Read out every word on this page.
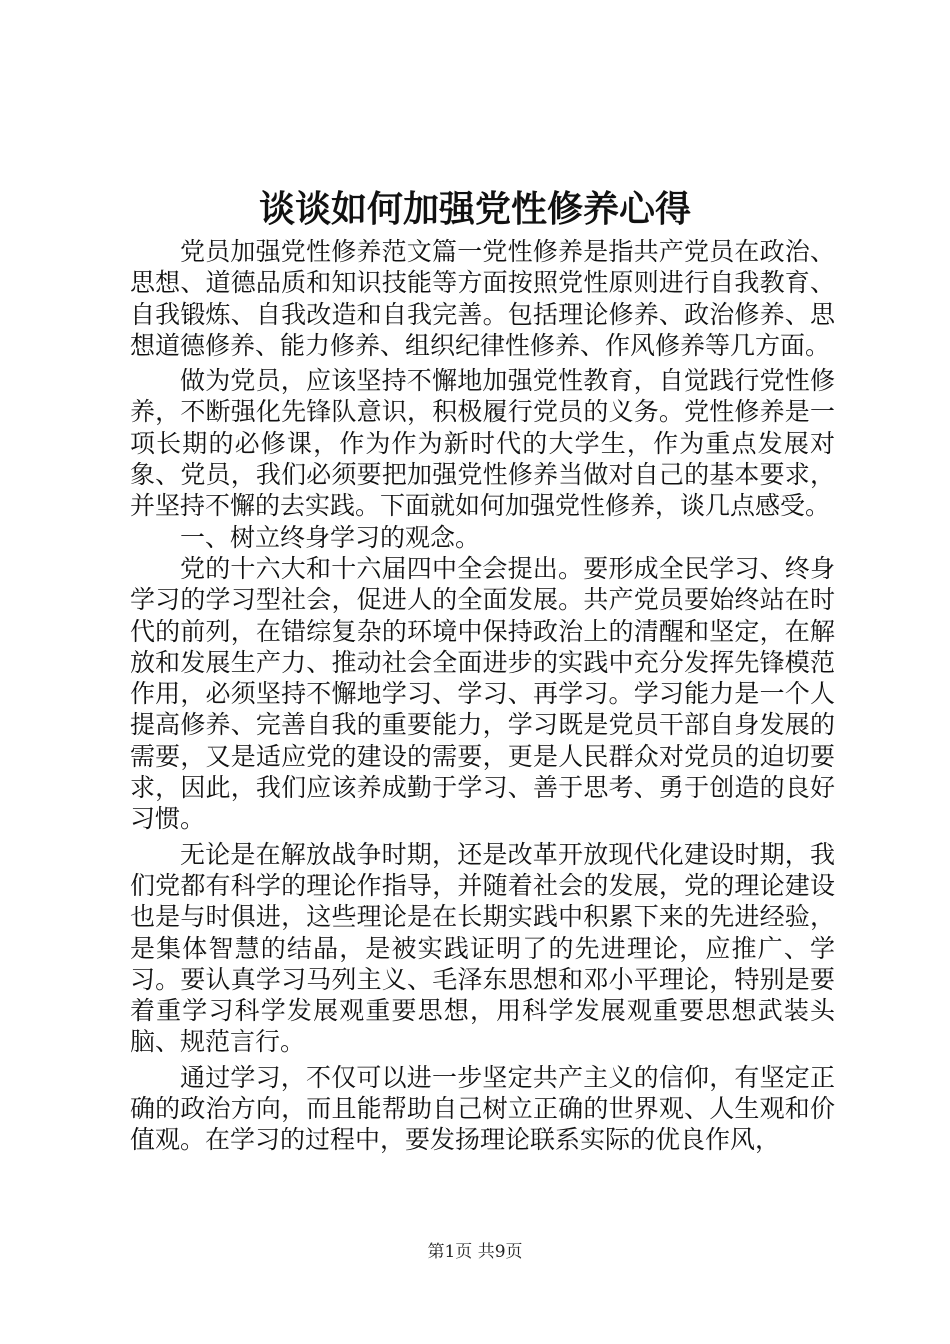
谈谈如何加强党性修养心得

党员加强党性修养范文篇一党性修养是指共产党员在政治、思想、道德品质和知识技能等方面按照党性原则进行自我教育、自我锻炼、自我改造和自我完善。包括理论修养、政治修养、思想道德修养、能力修养、组织纪律性修养、作风修养等几方面。

做为党员，应该坚持不懈地加强党性教育，自觉践行党性修养，不断强化先锋队意识，积极履行党员的义务。党性修养是一项长期的必修课，作为作为新时代的大学生，作为重点发展对象、党员，我们必须要把加强党性修养当做对自己的基本要求，并坚持不懈的去实践。下面就如何加强党性修养，谈几点感受。

一、树立终身学习的观念。

党的十六大和十六届四中全会提出。要形成全民学习、终身学习的学习型社会，促进人的全面发展。共产党员要始终站在时代的前列，在错综复杂的环境中保持政治上的清醒和坚定，在解放和发展生产力、推动社会全面进步的实践中充分发挥先锋模范作用，必须坚持不懈地学习、学习、再学习。学习能力是一个人提高修养、完善自我的重要能力，学习既是党员干部自身发展的需要，又是适应党的建设的需要，更是人民群众对党员的迫切要求，因此，我们应该养成勤于学习、善于思考、勇于创造的良好习惯。

无论是在解放战争时期，还是改革开放现代化建设时期，我们党都有科学的理论作指导，并随着社会的发展，党的理论建设也是与时俱进，这些理论是在长期实践中积累下来的先进经验，是集体智慧的结晶，是被实践证明了的先进理论，应推广、学习。要认真学习马列主义、毛泽东思想和邓小平理论，特别是要着重学习科学发展观重要思想，用科学发展观重要思想武装头脑、规范言行。

通过学习，不仅可以进一步坚定共产主义的信仰，有坚定正确的政治方向，而且能帮助自己树立正确的世界观、人生观和价值观。在学习的过程中，要发扬理论联系实际的优良作风，

第1页 共9页
